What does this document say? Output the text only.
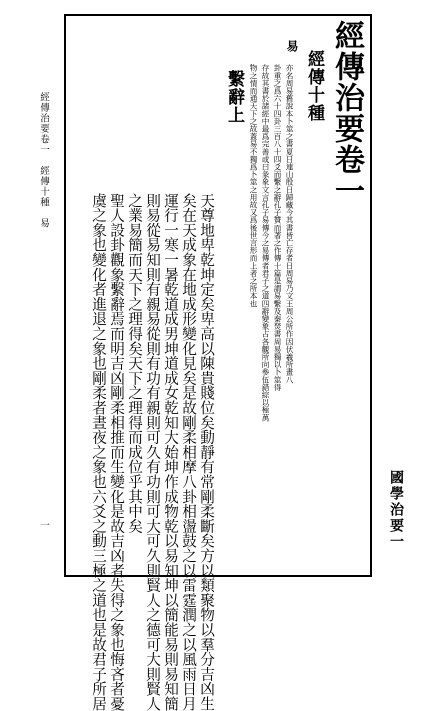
經傳治要卷一
經傳十種
易
亦名周易舊說本卜筮之書夏日連山殷日歸藏今其書皆亡存者日周易乃文王周公所作因伏羲所畫八
卦重之爲六十四卦三百八十四爻而繫之辭孔子贊而著之作傳十篇是謂易繫及秦焚書周易獨以卜筮得
存故其書於諸經中最爲完善或曰彖象文言孔子易傳今之易傳者君子之道四辭變象占各觀所向參伍錯綜以極萬
物之情而通天下之故蓋易不獨爲卜筮之用故又爲後世言形而上者之所本也
繫辭上
天尊地卑乾坤定矣卑高以陳貴賤位矣動靜有常剛柔斷矣方以類聚物以羣分吉凶生
矣在天成象在地成形變化見矣是故剛柔相摩八卦相盪鼓之以雷霆潤之以風雨日月
運行一寒一暑乾道成男坤道成女乾知大始坤作成物乾以易知坤以簡能易則易知簡
則易從易知則有親易從則有功有親則可久有功則可大可久則賢人之德可大則賢人
之業易簡而天下之理得矣天下之理得而成位乎其中矣
聖人設卦觀象繫辭焉而明吉凶剛柔相推而生變化是故吉凶者失得之象也悔吝者憂
虞之象也變化者進退之象也剛柔者晝夜之象也六爻之動三極之道也是故君子所居	國學治要一
經傳治要卷一　經傳十種　易
一
